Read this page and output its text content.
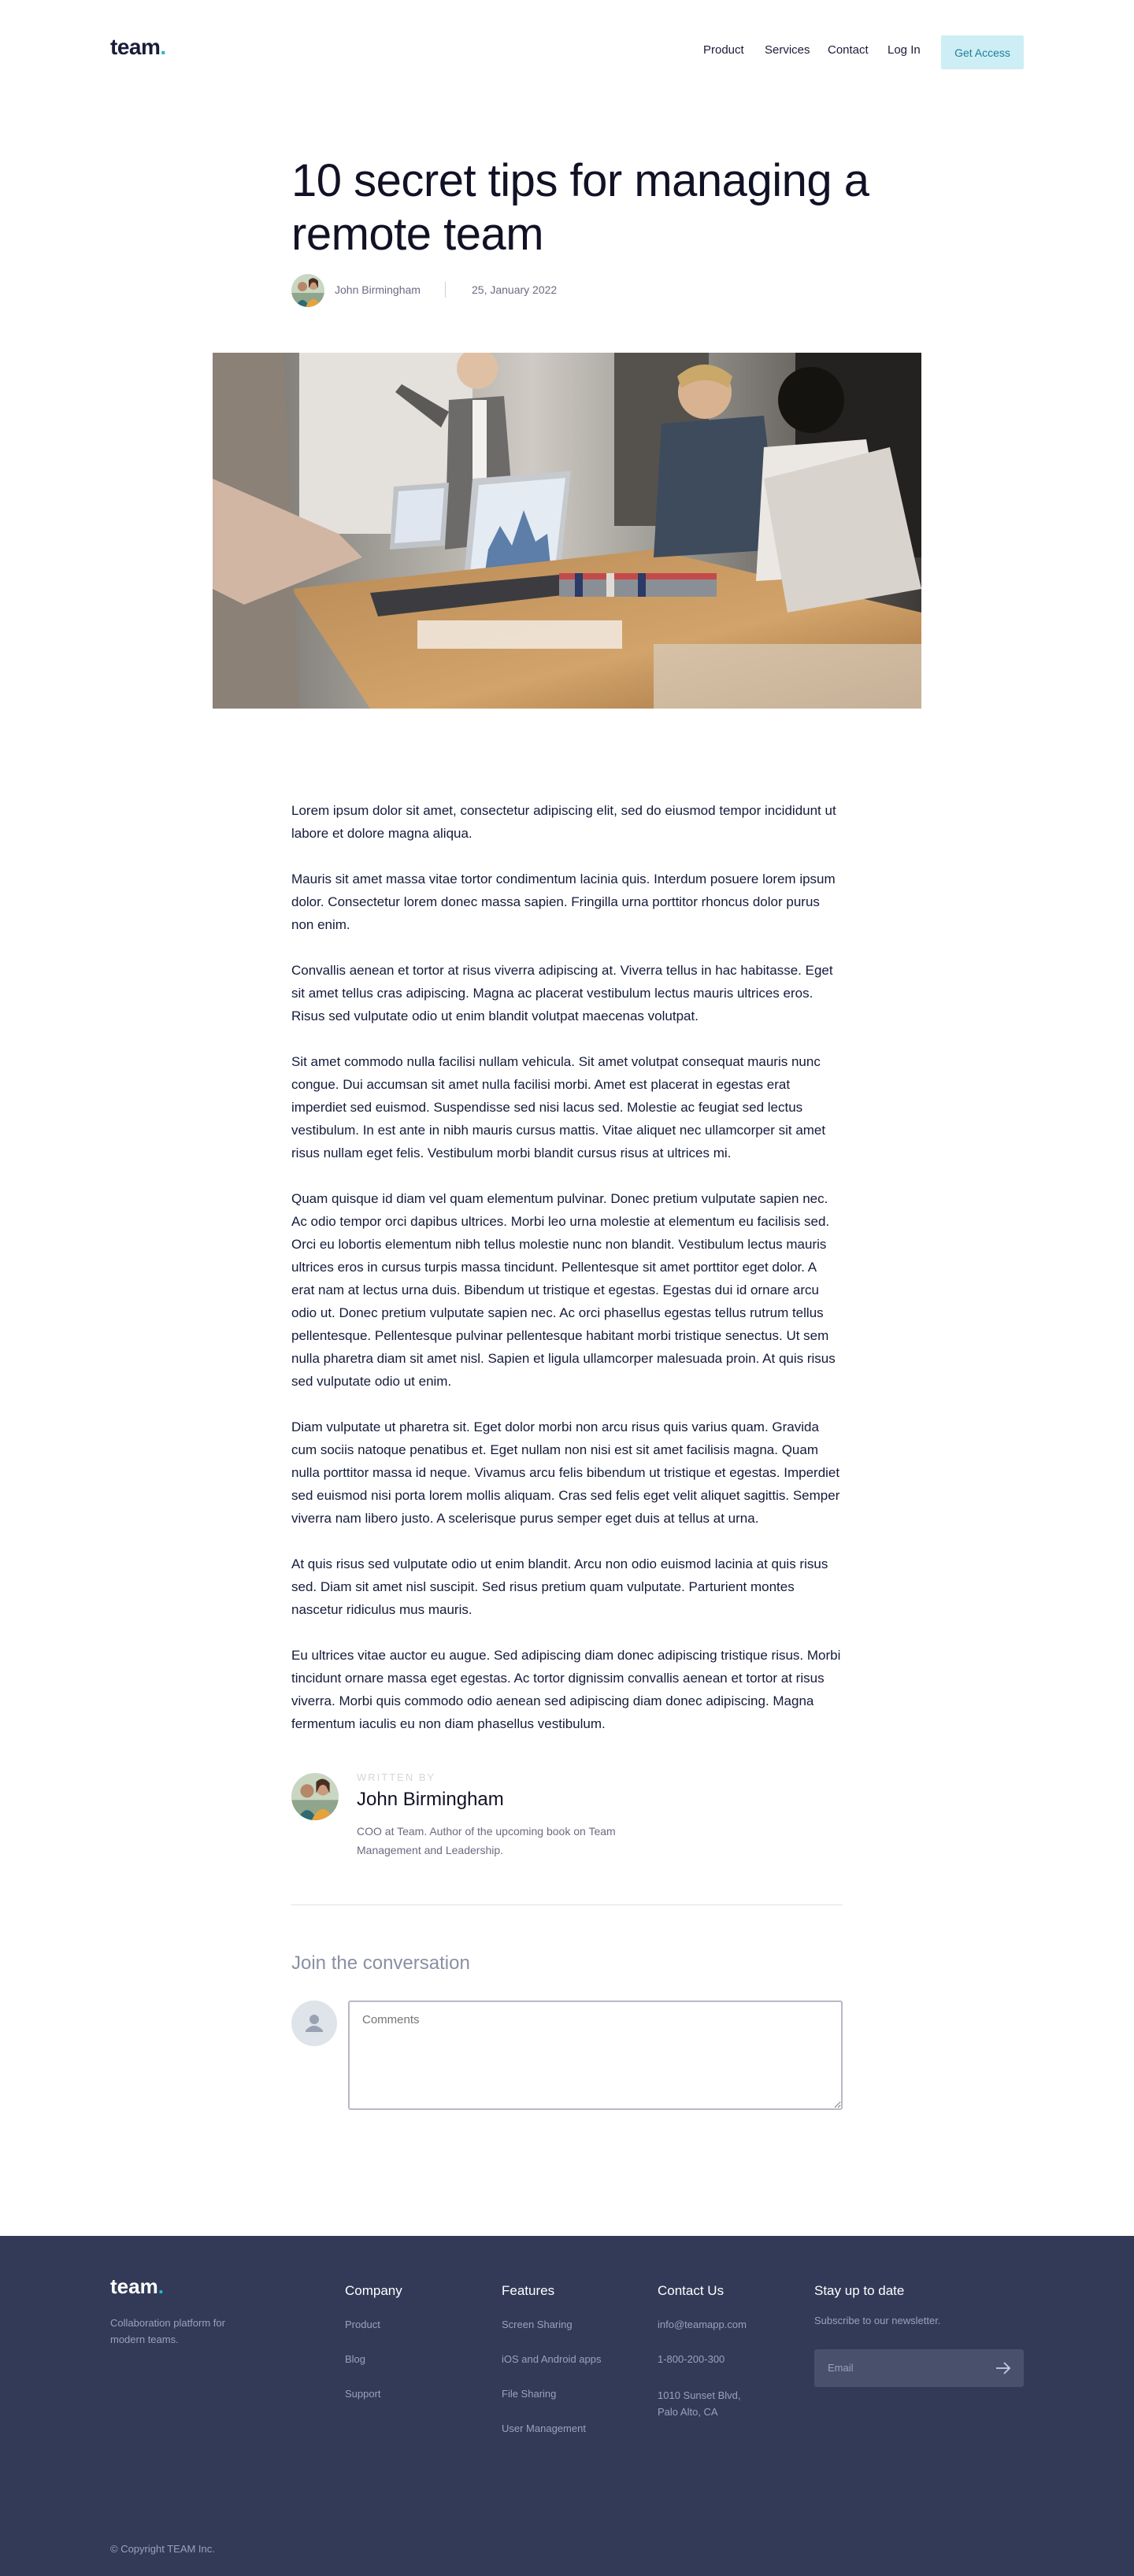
team.	Product Services Contact Log In	Get Access
10 secret tips for managing a remote team
John Birmingham	25, January 2022

Lorem ipsum dolor sit amet, consectetur adipiscing elit, sed do eiusmod tempor incididunt ut labore et dolore magna aliqua.

Mauris sit amet massa vitae tortor condimentum lacinia quis. Interdum posuere lorem ipsum dolor. Consectetur lorem donec massa sapien. Fringilla urna porttitor rhoncus dolor purus non enim.

Convallis aenean et tortor at risus viverra adipiscing at. Viverra tellus in hac habitasse. Eget sit amet tellus cras adipiscing. Magna ac placerat vestibulum lectus mauris ultrices eros. Risus sed vulputate odio ut enim blandit volutpat maecenas volutpat.

Sit amet commodo nulla facilisi nullam vehicula. Sit amet volutpat consequat mauris nunc congue. Dui accumsan sit amet nulla facilisi morbi. Amet est placerat in egestas erat imperdiet sed euismod. Suspendisse sed nisi lacus sed. Molestie ac feugiat sed lectus vestibulum. In est ante in nibh mauris cursus mattis. Vitae aliquet nec ullamcorper sit amet risus nullam eget felis. Vestibulum morbi blandit cursus risus at ultrices mi.

Quam quisque id diam vel quam elementum pulvinar. Donec pretium vulputate sapien nec. Ac odio tempor orci dapibus ultrices. Morbi leo urna molestie at elementum eu facilisis sed. Orci eu lobortis elementum nibh tellus molestie nunc non blandit. Vestibulum lectus mauris ultrices eros in cursus turpis massa tincidunt. Pellentesque sit amet porttitor eget dolor. A erat nam at lectus urna duis. Bibendum ut tristique et egestas. Egestas dui id ornare arcu odio ut. Donec pretium vulputate sapien nec. Ac orci phasellus egestas tellus rutrum tellus pellentesque. Pellentesque pulvinar pellentesque habitant morbi tristique senectus. Ut sem nulla pharetra diam sit amet nisl. Sapien et ligula ullamcorper malesuada proin. At quis risus sed vulputate odio ut enim.

Diam vulputate ut pharetra sit. Eget dolor morbi non arcu risus quis varius quam. Gravida cum sociis natoque penatibus et. Eget nullam non nisi est sit amet facilisis magna. Quam nulla porttitor massa id neque. Vivamus arcu felis bibendum ut tristique et egestas. Imperdiet sed euismod nisi porta lorem mollis aliquam. Cras sed felis eget velit aliquet sagittis. Semper viverra nam libero justo. A scelerisque purus semper eget duis at tellus at urna.

At quis risus sed vulputate odio ut enim blandit. Arcu non odio euismod lacinia at quis risus sed. Diam sit amet nisl suscipit. Sed risus pretium quam vulputate. Parturient montes nascetur ridiculus mus mauris.

Eu ultrices vitae auctor eu augue. Sed adipiscing diam donec adipiscing tristique risus. Morbi tincidunt ornare massa eget egestas. Ac tortor dignissim convallis aenean et tortor at risus viverra. Morbi quis commodo odio aenean sed adipiscing diam donec adipiscing. Magna fermentum iaculis eu non diam phasellus vestibulum.

WRITTEN BY
John Birmingham
COO at Team. Author of the upcoming book on Team Management and Leadership.
Join the conversation
Comments
team.
Collaboration platform for modern teams.
Company
Product
Blog
Support
Features
Screen Sharing
iOS and Android apps
File Sharing
User Management
Contact Us
info@teamapp.com
1-800-200-300
1010 Sunset Blvd, Palo Alto, CA
Stay up to date
Subscribe to our newsletter.
Email
© Copyright TEAM Inc.
